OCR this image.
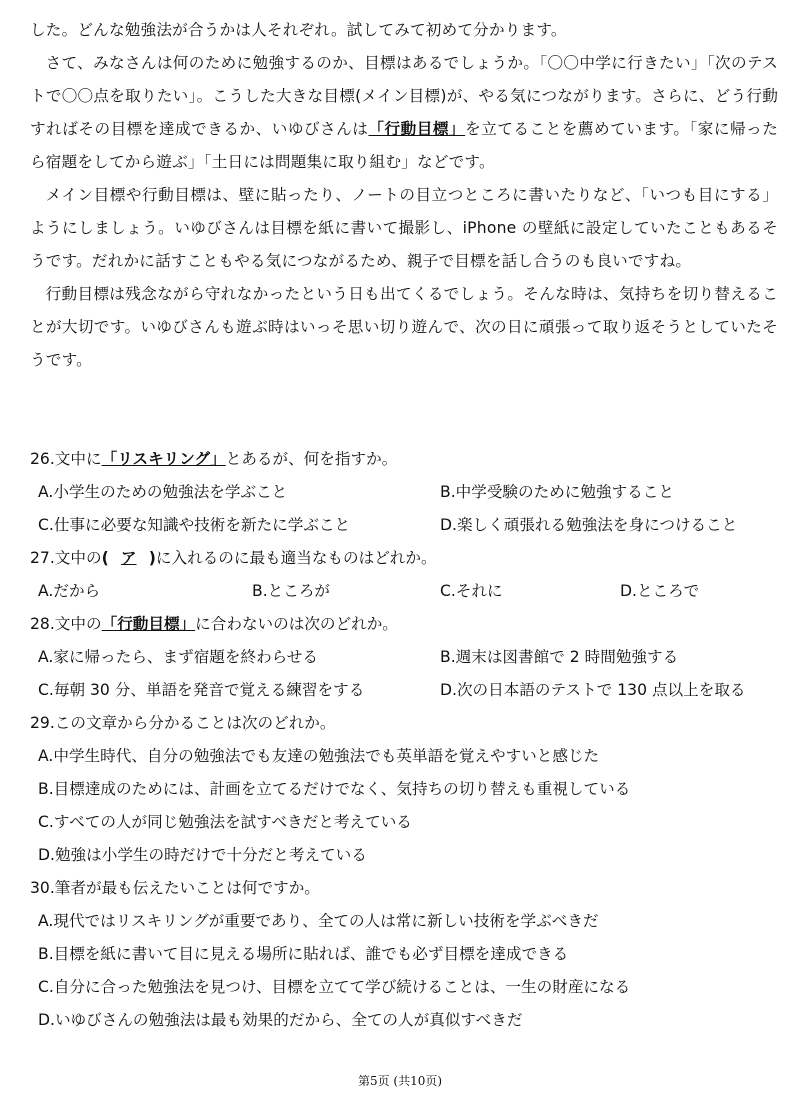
した。どんな勉強法が合うかは人それぞれ。試してみて初めて分かります。

さて、みなさんは何のために勉強するのか、目標はあるでしょうか。「〇〇中学に行きたい」「次のテストで〇〇点を取りたい」。こうした大きな目標(メイン目標)が、やる気につながります。さらに、どう行動すればその目標を達成できるか、いゆびさんは「行動目標」を立てることを薦めています。「家に帰ったら宿題をしてから遊ぶ」「土日には問題集に取り組む」などです。

メイン目標や行動目標は、壁に貼ったり、ノートの目立つところに書いたりなど、「いつも目にする」ようにしましょう。いゆびさんは目標を紙に書いて撮影し、iPhone の壁紙に設定していたこともあるそうです。だれかに話すこともやる気につながるため、親子で目標を話し合うのも良いですね。

行動目標は残念ながら守れなかったという日も出てくるでしょう。そんな時は、気持ちを切り替えることが大切です。いゆびさんも遊ぶ時はいっそ思い切り遊んで、次の日に頑張って取り返そうとしていたそうです。

26.文中に「リスキリング」とあるが、何を指すか。
A.小学生のための勉強法を学ぶこと	B.中学受験のために勉強すること
C.仕事に必要な知識や技術を新たに学ぶこと	D.楽しく頑張れる勉強法を身につけること
27.文中の( ア )に入れるのに最も適当なものはどれか。
A.だから	B.ところが	C.それに	D.ところで
28.文中の「行動目標」に合わないのは次のどれか。
A.家に帰ったら、まず宿題を終わらせる	B.週末は図書館で 2 時間勉強する
C.毎朝 30 分、単語を発音で覚える練習をする	D.次の日本語のテストで 130 点以上を取る
29.この文章から分かることは次のどれか。
A.中学生時代、自分の勉強法でも友達の勉強法でも英単語を覚えやすいと感じた
B.目標達成のためには、計画を立てるだけでなく、気持ちの切り替えも重視している
C.すべての人が同じ勉強法を試すべきだと考えている
D.勉強は小学生の時だけで十分だと考えている
30.筆者が最も伝えたいことは何ですか。
A.現代ではリスキリングが重要であり、全ての人は常に新しい技術を学ぶべきだ
B.目標を紙に書いて目に見える場所に貼れば、誰でも必ず目標を達成できる
C.自分に合った勉強法を見つけ、目標を立てて学び続けることは、一生の財産になる
D.いゆびさんの勉強法は最も効果的だから、全ての人が真似すべきだ
第5页 (共10页)
